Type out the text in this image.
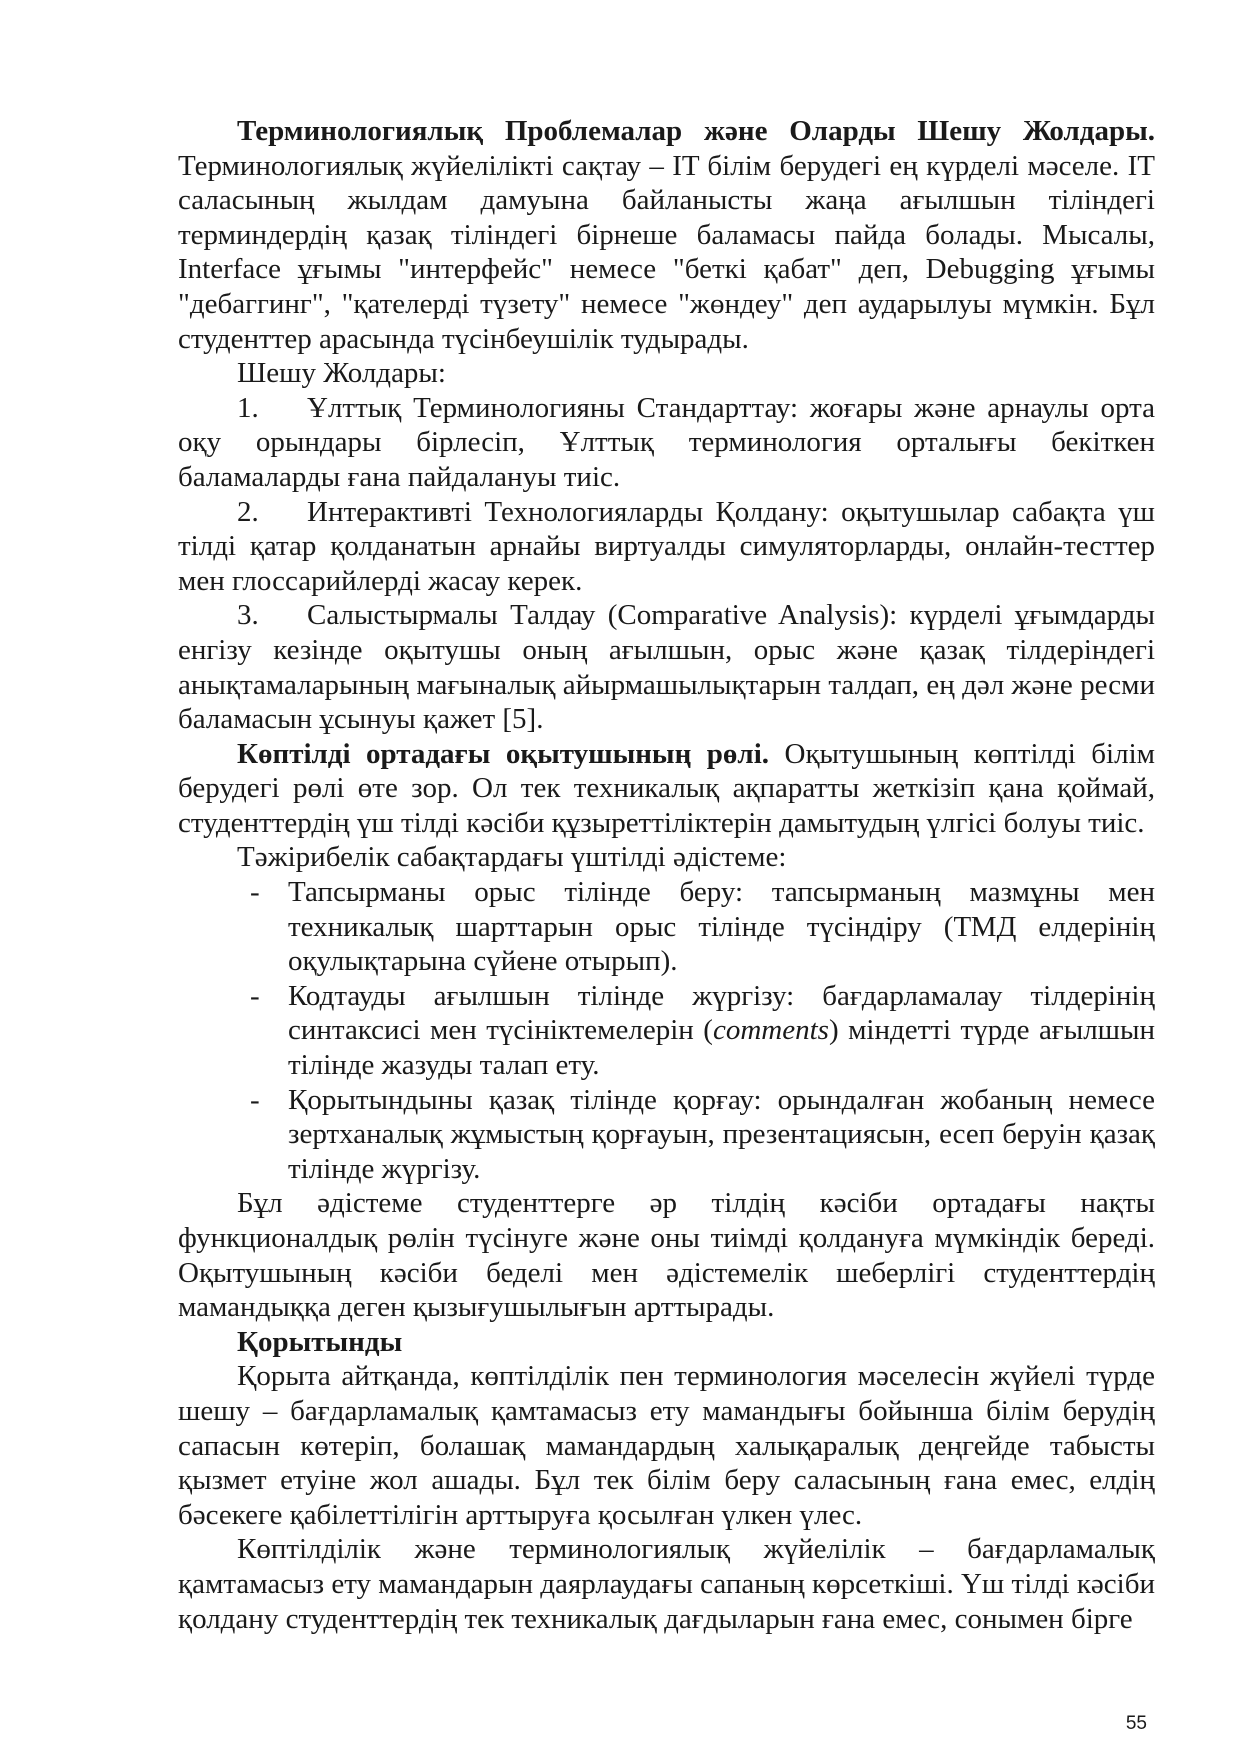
Терминологиялық Проблемалар және Оларды Шешу Жолдары. Терминологиялық жүйелілікті сақтау – IT білім берудегі ең күрделі мәселе. IT саласының жылдам дамуына байланысты жаңа ағылшын тіліндегі терминдердің қазақ тіліндегі бірнеше баламасы пайда болады. Мысалы, Interface ұғымы "интерфейс" немесе "беткі қабат" деп, Debugging ұғымы "дебаггинг", "қателерді түзету" немесе "жөндеу" деп аударылуы мүмкін. Бұл студенттер арасында түсінбеушілік тудырады.

Шешу Жолдары:

1. Ұлттық Терминологияны Стандарттау: жоғары және арнаулы орта оқу орындары бірлесіп, Ұлттық терминология орталығы бекіткен баламаларды ғана пайдалануы тиіс.

2. Интерактивті Технологияларды Қолдану: оқытушылар сабақта үш тілді қатар қолданатын арнайы виртуалды симуляторларды, онлайн-тесттер мен глоссарийлерді жасау керек.

3. Салыстырмалы Талдау (Comparative Analysis): күрделі ұғымдарды енгізу кезінде оқытушы оның ағылшын, орыс және қазақ тілдеріндегі анықтамаларының мағыналық айырмашылықтарын талдап, ең дәл және ресми баламасын ұсынуы қажет [5].

Көптілді ортадағы оқытушының рөлі. Оқытушының көптілді білім берудегі рөлі өте зор. Ол тек техникалық ақпаратты жеткізіп қана қоймай, студенттердің үш тілді кәсіби құзыреттіліктерін дамытудың үлгісі болуы тиіс.

Тәжірибелік сабақтардағы үштілді әдістеме:

- Тапсырманы орыс тілінде беру: тапсырманың мазмұны мен техникалық шарттарын орыс тілінде түсіндіру (ТМД елдерінің оқулықтарына сүйене отырып).
- Кодтауды ағылшын тілінде жүргізу: бағдарламалау тілдерінің синтаксисі мен түсініктемелерін (comments) міндетті түрде ағылшын тілінде жазуды талап ету.
- Қорытындыны қазақ тілінде қорғау: орындалған жобаның немесе зертханалық жұмыстың қорғауын, презентациясын, есеп беруін қазақ тілінде жүргізу.

Бұл әдістеме студенттерге әр тілдің кәсіби ортадағы нақты функционалдық рөлін түсінуге және оны тиімді қолдануға мүмкіндік береді. Оқытушының кәсіби беделі мен әдістемелік шеберлігі студенттердің мамандыққа деген қызығушылығын арттырады.

Қорытынды

Қорыта айтқанда, көптілділік пен терминология мәселесін жүйелі түрде шешу – бағдарламалық қамтамасыз ету мамандығы бойынша білім берудің сапасын көтеріп, болашақ мамандардың халықаралық деңгейде табысты қызмет етуіне жол ашады. Бұл тек білім беру саласының ғана емес, елдің бәсекеге қабілеттілігін арттыруға қосылған үлкен үлес.

Көптілділік және терминологиялық жүйелілік – бағдарламалық қамтамасыз ету мамандарын даярлаудағы сапаның көрсеткіші. Үш тілді кәсіби қолдану студенттердің тек техникалық дағдыларын ғана емес, сонымен бірге

55
